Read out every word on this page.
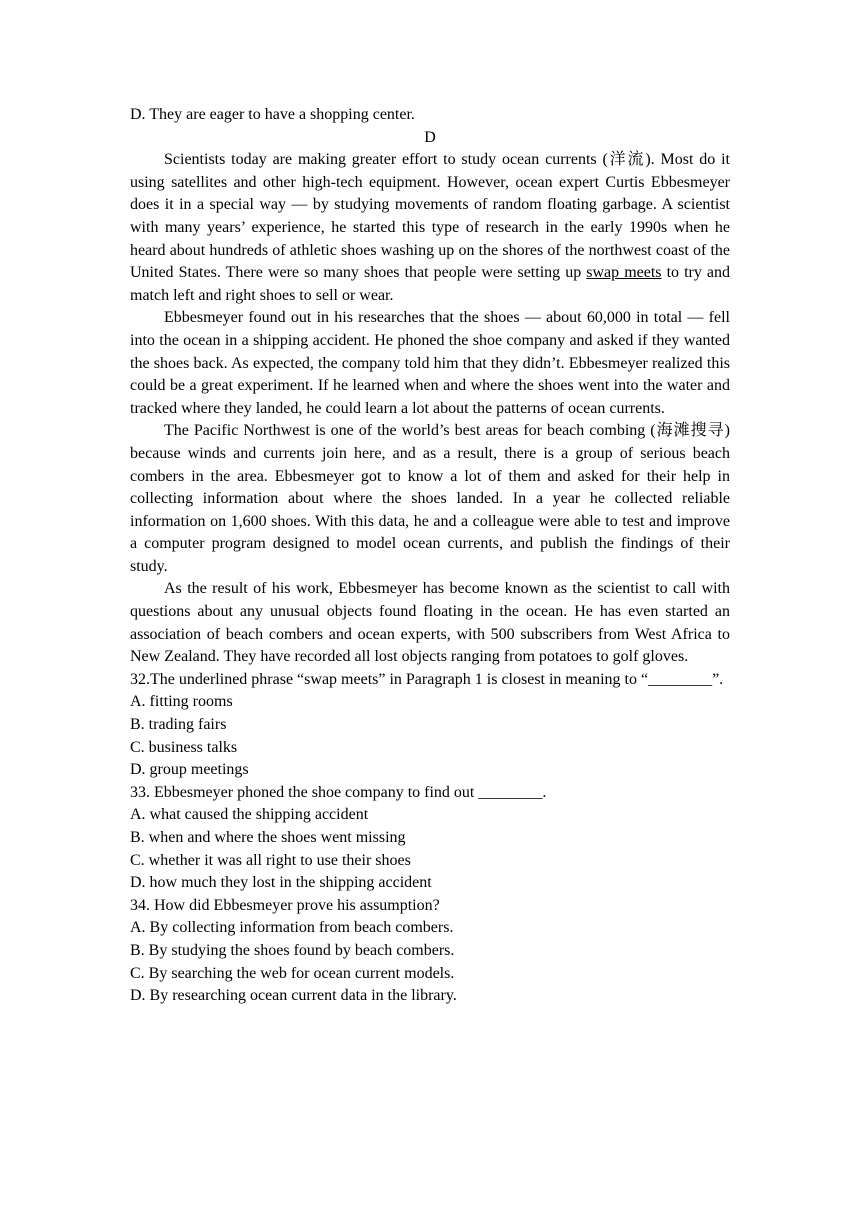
D. They are eager to have a shopping center.
D

Scientists today are making greater effort to study ocean currents (洋流). Most do it using satellites and other high-tech equipment. However, ocean expert Curtis Ebbesmeyer does it in a special way — by studying movements of random floating garbage. A scientist with many years’ experience, he started this type of research in the early 1990s when he heard about hundreds of athletic shoes washing up on the shores of the northwest coast of the United States. There were so many shoes that people were setting up swap meets to try and match left and right shoes to sell or wear.

Ebbesmeyer found out in his researches that the shoes — about 60,000 in total — fell into the ocean in a shipping accident. He phoned the shoe company and asked if they wanted the shoes back. As expected, the company told him that they didn’t. Ebbesmeyer realized this could be a great experiment. If he learned when and where the shoes went into the water and tracked where they landed, he could learn a lot about the patterns of ocean currents.

The Pacific Northwest is one of the world’s best areas for beach combing (海滩搜寻) because winds and currents join here, and as a result, there is a group of serious beach combers in the area. Ebbesmeyer got to know a lot of them and asked for their help in collecting information about where the shoes landed. In a year he collected reliable information on 1,600 shoes. With this data, he and a colleague were able to test and improve a computer program designed to model ocean currents, and publish the findings of their study.

As the result of his work, Ebbesmeyer has become known as the scientist to call with questions about any unusual objects found floating in the ocean. He has even started an association of beach combers and ocean experts, with 500 subscribers from West Africa to New Zealand. They have recorded all lost objects ranging from potatoes to golf gloves.

32.The underlined phrase “swap meets” in Paragraph 1 is closest in meaning to “________”.

A. fitting rooms
B. trading fairs
C. business talks
D. group meetings
33. Ebbesmeyer phoned the shoe company to find out ________.
A. what caused the shipping accident
B. when and where the shoes went missing
C. whether it was all right to use their shoes
D. how much they lost in the shipping accident
34. How did Ebbesmeyer prove his assumption?
A. By collecting information from beach combers.
B. By studying the shoes found by beach combers.
C. By searching the web for ocean current models.
D. By researching ocean current data in the library.
